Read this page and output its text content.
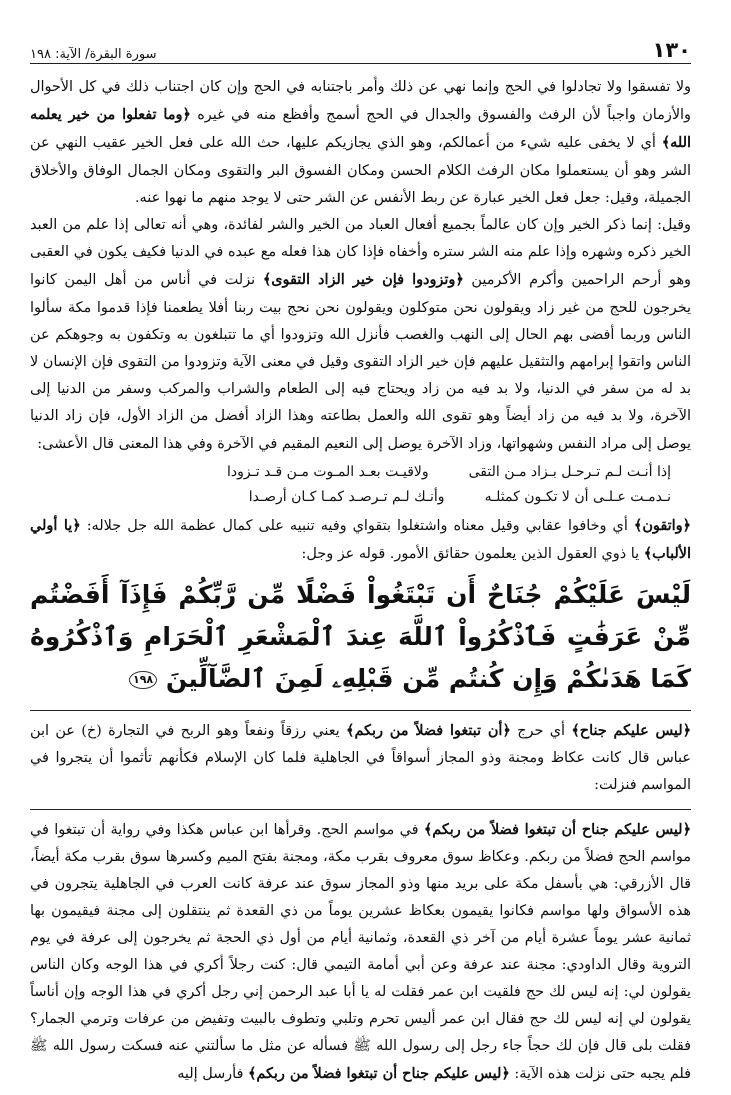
١٣٠
سورة البقرة/ الآية: ١٩٨

ولا تفسقوا ولا تجادلوا في الحج وإنما نهي عن ذلك وأمر باجتنابه في الحج وإن كان اجتناب ذلك في كل الأحوال والأزمان واجباً لأن الرفث والفسوق والجدال في الحج أسمج وأفظع منه في غيره ﴿وما تفعلوا من خير يعلمه الله﴾ أي لا يخفى عليه شيء من أعمالكم، وهو الذي يجازيكم عليها، حث الله على فعل الخير عقيب النهي عن الشر وهو أن يستعملوا مكان الرفث الكلام الحسن ومكان الفسوق البر والتقوى ومكان الجمال الوفاق والأخلاق الجميلة، وقيل: جعل فعل الخير عبارة عن ربط الأنفس عن الشر حتى لا يوجد منهم ما نهوا عنه.

وقيل: إنما ذكر الخير وإن كان عالماً بجميع أفعال العباد من الخير والشر لفائدة، وهي أنه تعالى إذا علم من العبد الخير ذكره وشهره وإذا علم منه الشر ستره وأخفاه فإذا كان هذا فعله مع عبده في الدنيا فكيف يكون في العقبى وهو أرحم الراحمين وأكرم الأكرمين ﴿وتزودوا فإن خير الزاد التقوى﴾ نزلت في أناس من أهل اليمن كانوا يخرجون للحج من غير زاد ويقولون نحن متوكلون ويقولون نحن نحج بيت ربنا أفلا يطعمنا فإذا قدموا مكة سألوا الناس وربما أفضى بهم الحال إلى النهب والغصب فأنزل الله وتزودوا أي ما تتبلغون به وتكفون به وجوهكم عن الناس واتقوا إبرامهم والتثقيل عليهم فإن خير الزاد التقوى وقيل في معنى الآية وتزودوا من التقوى فإن الإنسان لا بد له من سفر في الدنيا، ولا بد فيه من زاد ويحتاج فيه إلى الطعام والشراب والمركب وسفر من الدنيا إلى الآخرة، ولا بد فيه من زاد أيضاً وهو تقوى الله والعمل بطاعته وهذا الزاد أفضل من الزاد الأول، فإن زاد الدنيا يوصل إلى مراد النفس وشهواتها، وزاد الآخرة يوصل إلى النعيم المقيم في الآخرة وفي هذا المعنى قال الأعشى:

إذا أنـت لـم تـرحـل بـزاد مـن التقى
ولاقيـت بعـد المـوت مـن قـد تـزودا
نـدمـت عـلـى أن لا تكـون كمثلـه
وأنـك لـم تـرصـد كمـا كـان أرصـدا

﴿واتقون﴾ أي وخافوا عقابي وقيل معناه واشتغلوا بتقواي وفيه تنبيه على كمال عظمة الله جل جلاله: ﴿يا أولي الألباب﴾ يا ذوي العقول الذين يعلمون حقائق الأمور. قوله عز وجل:

لَيْسَ عَلَيْكُمْ جُنَاحٌ أَن تَبْتَغُواْ فَضْلًا مِّن رَّبِّكُمْ فَإِذَآ أَفَضْتُم مِّنْ عَرَفَٰتٍ فَٱذْكُرُواْ ٱللَّهَ عِندَ ٱلْمَشْعَرِ ٱلْحَرَامِ وَٱذْكُرُوهُ كَمَا هَدَىٰكُمْ وَإِن كُنتُم مِّن قَبْلِهِۦ لَمِنَ ٱلضَّآلِّينَ ١٩٨

﴿ليس عليكم جناح﴾ أي حرج ﴿أن تبتغوا فضلاً من ربكم﴾ يعني رزقاً ونفعاً وهو الربح في التجارة (خ) عن ابن عباس قال كانت عكاظ ومجنة وذو المجاز أسواقاً في الجاهلية فلما كان الإسلام فكأنهم تأثموا أن يتجروا في المواسم فنزلت:

﴿ليس عليكم جناح أن تبتغوا فضلاً من ربكم﴾ في مواسم الحج. وقرأها ابن عباس هكذا وفي رواية أن تبتغوا في مواسم الحج فضلاً من ربكم. وعكاظ سوق معروف بقرب مكة، ومجنة بفتح الميم وكسرها سوق بقرب مكة أيضاً، قال الأزرقي: هي بأسفل مكة على بريد منها وذو المجاز سوق عند عرفة كانت العرب في الجاهلية يتجرون في هذه الأسواق ولها مواسم فكانوا يقيمون بعكاظ عشرين يوماً من ذي القعدة ثم ينتقلون إلى مجنة فيقيمون بها ثمانية عشر يوماً عشرة أيام من آخر ذي القعدة، وثمانية أيام من أول ذي الحجة ثم يخرجون إلى عرفة في يوم التروية وقال الداودي: مجنة عند عرفة وعن أبي أمامة التيمي قال: كنت رجلاً أكري في هذا الوجه وكان الناس يقولون لي: إنه ليس لك حج فلقيت ابن عمر فقلت له يا أبا عبد الرحمن إني رجل أكري في هذا الوجه وإن أناساً يقولون لي إنه ليس لك حج فقال ابن عمر أليس تحرم وتلبي وتطوف بالبيت وتفيض من عرفات وترمي الجمار؟ فقلت بلى قال فإن لك حجاً جاء رجل إلى رسول الله ﷺ فسأله عن مثل ما سألتني عنه فسكت رسول الله ﷺ فلم يجبه حتى نزلت هذه الآية: ﴿ليس عليكم جناح أن تبتغوا فضلاً من ربكم﴾ فأرسل إليه
